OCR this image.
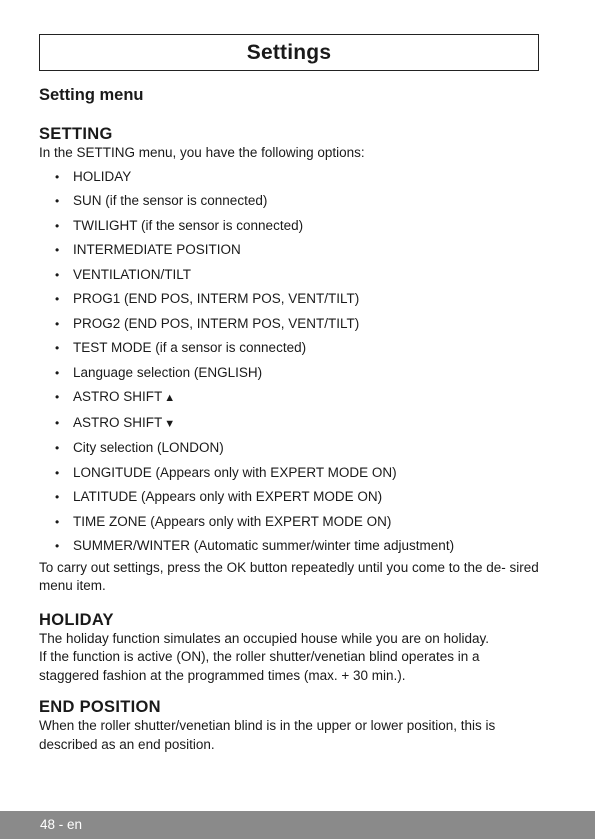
Settings
Setting menu
SETTING

In the SETTING menu, you have the following options:

• HOLIDAY
• SUN (if the sensor is connected)
• TWILIGHT (if the sensor is connected)
• INTERMEDIATE POSITION
• VENTILATION/TILT
• PROG1 (END POS, INTERM POS, VENT/TILT)
• PROG2 (END POS, INTERM POS, VENT/TILT)
• TEST MODE (if a sensor is connected)
• Language selection (ENGLISH)
• ASTRO SHIFT ▲
• ASTRO SHIFT ▼
• City selection (LONDON)
• LONGITUDE (Appears only with EXPERT MODE ON)
• LATITUDE (Appears only with EXPERT MODE ON)
• TIME ZONE (Appears only with EXPERT MODE ON)
• SUMMER/WINTER (Automatic summer/winter time adjustment)

To carry out settings, press the OK button repeatedly until you come to the de- sired menu item.

HOLIDAY

The holiday function simulates an occupied house while you are on holiday.

If the function is active (ON), the roller shutter/venetian blind operates in a staggered fashion at the programmed times (max. + 30 min.).

END POSITION

When the roller shutter/venetian blind is in the upper or lower position, this is described as an end position.

48 - en
